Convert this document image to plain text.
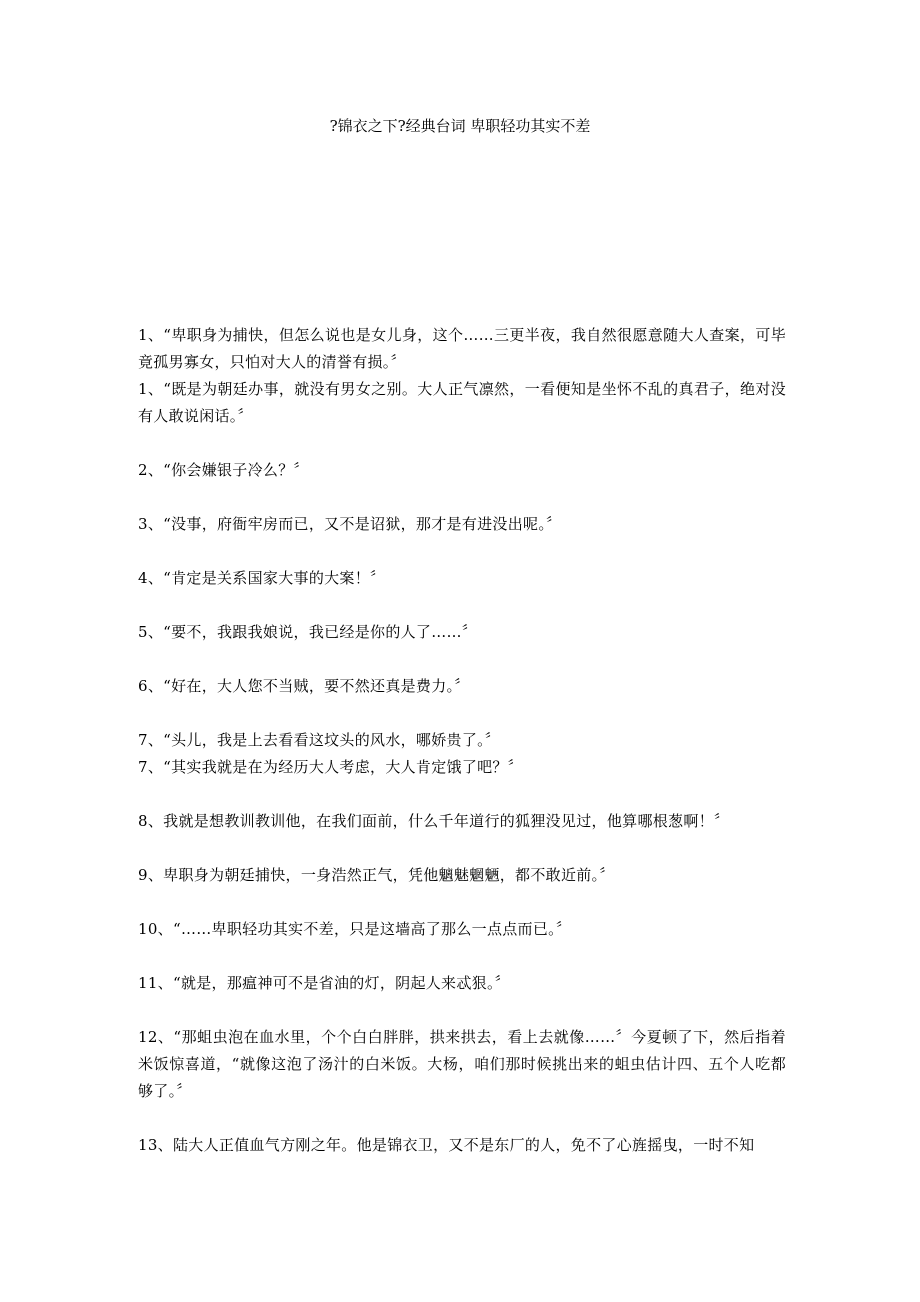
?锦衣之下?经典台词 卑职轻功其实不差

1、“卑职身为捕快，但怎么说也是女儿身，这个……三更半夜，我自然很愿意随大人查案，可毕竟孤男寡女，只怕对大人的清誉有损。〞

1、“既是为朝廷办事，就没有男女之别。大人正气凛然，一看便知是坐怀不乱的真君子，绝对没有人敢说闲话。〞

2、“你会嫌银子冷么？〞

3、“没事，府衙牢房而已，又不是诏狱，那才是有进没出呢。〞

4、“肯定是关系国家大事的大案！〞

5、“要不，我跟我娘说，我已经是你的人了……〞

6、“好在，大人您不当贼，要不然还真是费力。〞

7、“头儿，我是上去看看这坟头的风水，哪娇贵了。〞

7、“其实我就是在为经历大人考虑，大人肯定饿了吧？〞

8、我就是想教训教训他，在我们面前，什么千年道行的狐狸没见过，他算哪根葱啊！〞

9、卑职身为朝廷捕快，一身浩然正气，凭他魑魅魍魉，都不敢近前。〞

10、“……卑职轻功其实不差，只是这墙高了那么一点点而已。〞

11、“就是，那瘟神可不是省油的灯，阴起人来忒狠。〞

12、“那蛆虫泡在血水里，个个白白胖胖，拱来拱去，看上去就像……〞今夏顿了下，然后指着米饭惊喜道，“就像这泡了汤汁的白米饭。大杨，咱们那时候挑出来的蛆虫估计四、五个人吃都够了。〞

13、陆大人正值血气方刚之年。他是锦衣卫，又不是东厂的人，免不了心旌摇曳，一时不知
